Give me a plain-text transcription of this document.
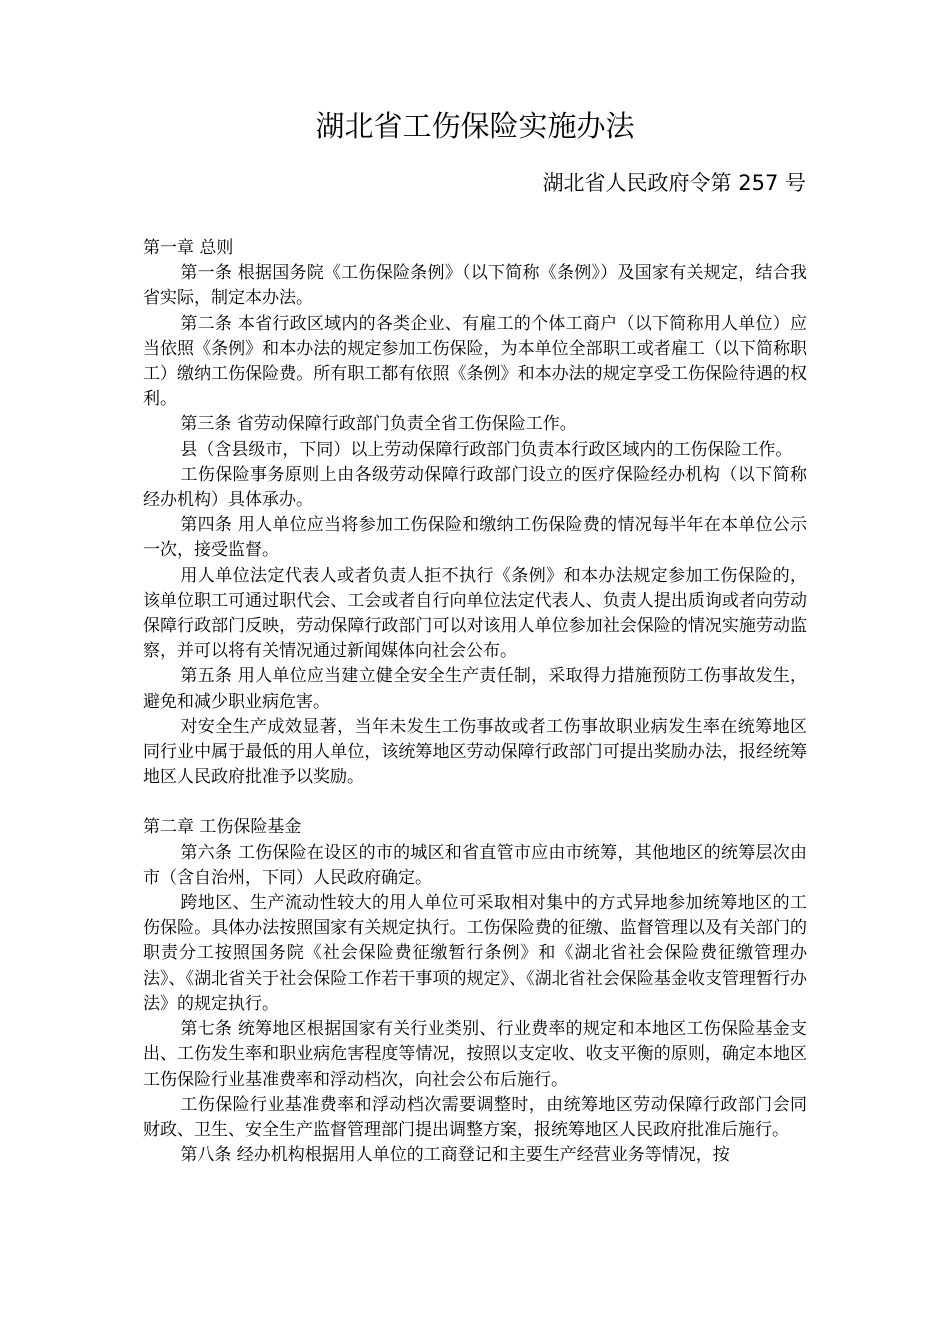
湖北省工伤保险实施办法
湖北省人民政府令第 257 号

第一章 总则

第一条 根据国务院《工伤保险条例》（以下简称《条例》）及国家有关规定，结合我省实际，制定本办法。

第二条 本省行政区域内的各类企业、有雇工的个体工商户（以下简称用人单位）应当依照《条例》和本办法的规定参加工伤保险，为本单位全部职工或者雇工（以下简称职工）缴纳工伤保险费。所有职工都有依照《条例》和本办法的规定享受工伤保险待遇的权利。

第三条 省劳动保障行政部门负责全省工伤保险工作。

县（含县级市，下同）以上劳动保障行政部门负责本行政区域内的工伤保险工作。

工伤保险事务原则上由各级劳动保障行政部门设立的医疗保险经办机构（以下简称经办机构）具体承办。

第四条 用人单位应当将参加工伤保险和缴纳工伤保险费的情况每半年在本单位公示一次，接受监督。

用人单位法定代表人或者负责人拒不执行《条例》和本办法规定参加工伤保险的，该单位职工可通过职代会、工会或者自行向单位法定代表人、负责人提出质询或者向劳动保障行政部门反映，劳动保障行政部门可以对该用人单位参加社会保险的情况实施劳动监察，并可以将有关情况通过新闻媒体向社会公布。

第五条 用人单位应当建立健全安全生产责任制，采取得力措施预防工伤事故发生，避免和减少职业病危害。

对安全生产成效显著，当年未发生工伤事故或者工伤事故职业病发生率在统筹地区同行业中属于最低的用人单位，该统筹地区劳动保障行政部门可提出奖励办法，报经统筹地区人民政府批准予以奖励。

第二章 工伤保险基金

第六条 工伤保险在设区的市的城区和省直管市应由市统筹，其他地区的统筹层次由市（含自治州，下同）人民政府确定。

跨地区、生产流动性较大的用人单位可采取相对集中的方式异地参加统筹地区的工伤保险。具体办法按照国家有关规定执行。工伤保险费的征缴、监督管理以及有关部门的职责分工按照国务院《社会保险费征缴暂行条例》和《湖北省社会保险费征缴管理办法》、《湖北省关于社会保险工作若干事项的规定》、《湖北省社会保险基金收支管理暂行办法》的规定执行。

第七条 统筹地区根据国家有关行业类别、行业费率的规定和本地区工伤保险基金支出、工伤发生率和职业病危害程度等情况，按照以支定收、收支平衡的原则，确定本地区工伤保险行业基准费率和浮动档次，向社会公布后施行。

工伤保险行业基准费率和浮动档次需要调整时，由统筹地区劳动保障行政部门会同财政、卫生、安全生产监督管理部门提出调整方案，报统筹地区人民政府批准后施行。

第八条 经办机构根据用人单位的工商登记和主要生产经营业务等情况，按
